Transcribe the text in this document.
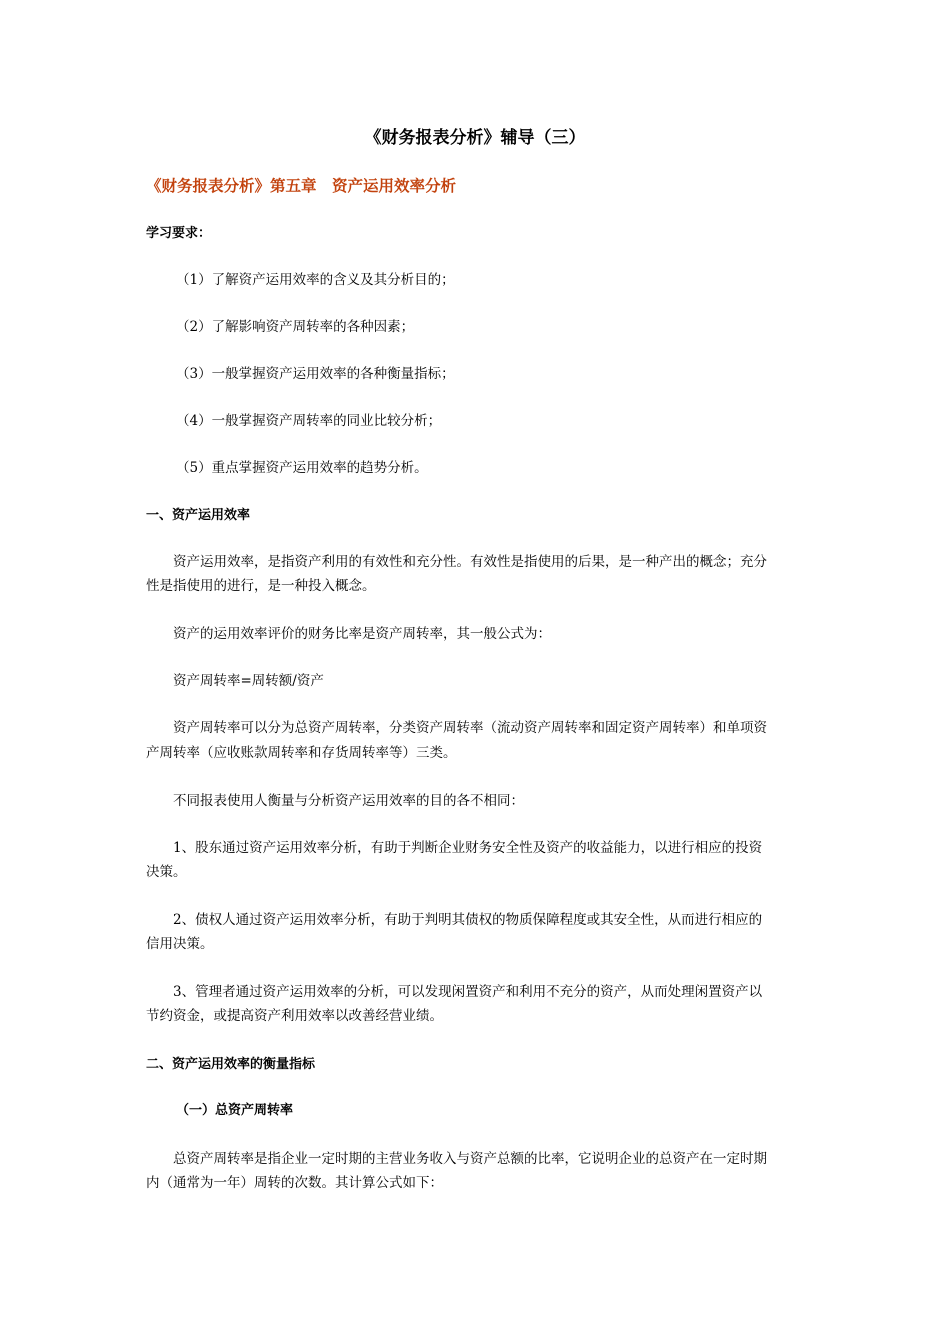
《财务报表分析》辅导（三）
《财务报表分析》第五章　资产运用效率分析
学习要求：
（1）了解资产运用效率的含义及其分析目的；
（2）了解影响资产周转率的各种因素；
（3）一般掌握资产运用效率的各种衡量指标；
（4）一般掌握资产周转率的同业比较分析；
（5）重点掌握资产运用效率的趋势分析。
一、资产运用效率
资产运用效率，是指资产利用的有效性和充分性。有效性是指使用的后果，是一种产出的概念；充分
性是指使用的进行，是一种投入概念。
资产的运用效率评价的财务比率是资产周转率，其一般公式为：
资产周转率=周转额/资产
资产周转率可以分为总资产周转率，分类资产周转率（流动资产周转率和固定资产周转率）和单项资
产周转率（应收账款周转率和存货周转率等）三类。
不同报表使用人衡量与分析资产运用效率的目的各不相同：
1、股东通过资产运用效率分析，有助于判断企业财务安全性及资产的收益能力，以进行相应的投资
决策。
2、债权人通过资产运用效率分析，有助于判明其债权的物质保障程度或其安全性，从而进行相应的
信用决策。
3、管理者通过资产运用效率的分析，可以发现闲置资产和利用不充分的资产，从而处理闲置资产以
节约资金，或提高资产利用效率以改善经营业绩。
二、资产运用效率的衡量指标
（一）总资产周转率
总资产周转率是指企业一定时期的主营业务收入与资产总额的比率，它说明企业的总资产在一定时期
内（通常为一年）周转的次数。其计算公式如下：
